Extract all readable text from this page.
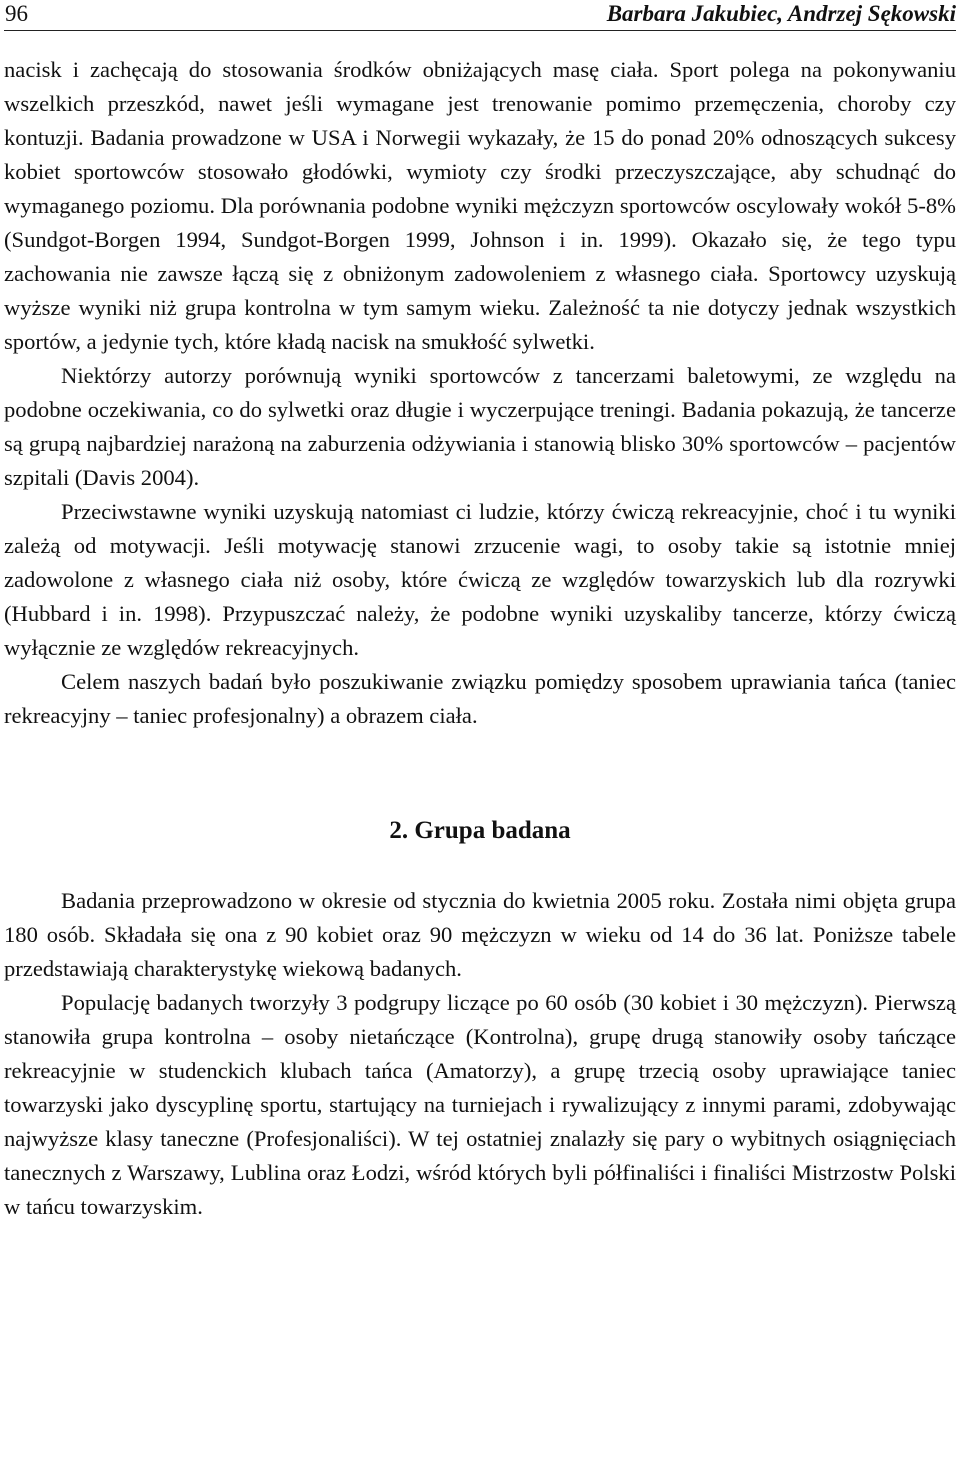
96	Barbara Jakubiec, Andrzej Sękowski

nacisk i zachęcają do stosowania środków obniżających masę ciała. Sport polega na pokonywaniu wszelkich przeszkód, nawet jeśli wymagane jest trenowanie pomimo przemęczenia, choroby czy kontuzji. Badania prowadzone w USA i Norwegii wykazały, że 15 do ponad 20% odnoszących sukcesy kobiet sportowców stosowało głodówki, wymioty czy środki przeczyszczające, aby schudnąć do wymaganego poziomu. Dla porównania podobne wyniki mężczyzn sportowców oscylowały wokół 5-8% (Sundgot-Borgen 1994, Sundgot-Borgen 1999, Johnson i in. 1999). Okazało się, że tego typu zachowania nie zawsze łączą się z obniżonym zadowoleniem z własnego ciała. Sportowcy uzyskują wyższe wyniki niż grupa kontrolna w tym samym wieku. Zależność ta nie dotyczy jednak wszystkich sportów, a jedynie tych, które kładą nacisk na smukłość sylwetki.

Niektórzy autorzy porównują wyniki sportowców z tancerzami baletowymi, ze względu na podobne oczekiwania, co do sylwetki oraz długie i wyczerpujące treningi. Badania pokazują, że tancerze są grupą najbardziej narażoną na zaburzenia odżywiania i stanowią blisko 30% sportowców – pacjentów szpitali (Davis 2004).

Przeciwstawne wyniki uzyskują natomiast ci ludzie, którzy ćwiczą rekreacyjnie, choć i tu wyniki zależą od motywacji. Jeśli motywację stanowi zrzucenie wagi, to osoby takie są istotnie mniej zadowolone z własnego ciała niż osoby, które ćwiczą ze względów towarzyskich lub dla rozrywki (Hubbard i in. 1998). Przypuszczać należy, że podobne wyniki uzyskaliby tancerze, którzy ćwiczą wyłącznie ze względów rekreacyjnych.

Celem naszych badań było poszukiwanie związku pomiędzy sposobem uprawiania tańca (taniec rekreacyjny – taniec profesjonalny) a obrazem ciała.

2. Grupa badana

Badania przeprowadzono w okresie od stycznia do kwietnia 2005 roku. Została nimi objęta grupa 180 osób. Składała się ona z 90 kobiet oraz 90 mężczyzn w wieku od 14 do 36 lat. Poniższe tabele przedstawiają charakterystykę wiekową badanych.

Populację badanych tworzyły 3 podgrupy liczące po 60 osób (30 kobiet i 30 mężczyzn). Pierwszą stanowiła grupa kontrolna – osoby nietańczące (Kontrolna), grupę drugą stanowiły osoby tańczące rekreacyjnie w studenckich klubach tańca (Amatorzy), a grupę trzecią osoby uprawiające taniec towarzyski jako dyscyplinę sportu, startujący na turniejach i rywalizujący z innymi parami, zdobywając najwyższe klasy taneczne (Profesjonaliści). W tej ostatniej znalazły się pary o wybitnych osiągnięciach tanecznych z Warszawy, Lublina oraz Łodzi, wśród których byli półfinaliści i finaliści Mistrzostw Polski w tańcu towarzyskim.
